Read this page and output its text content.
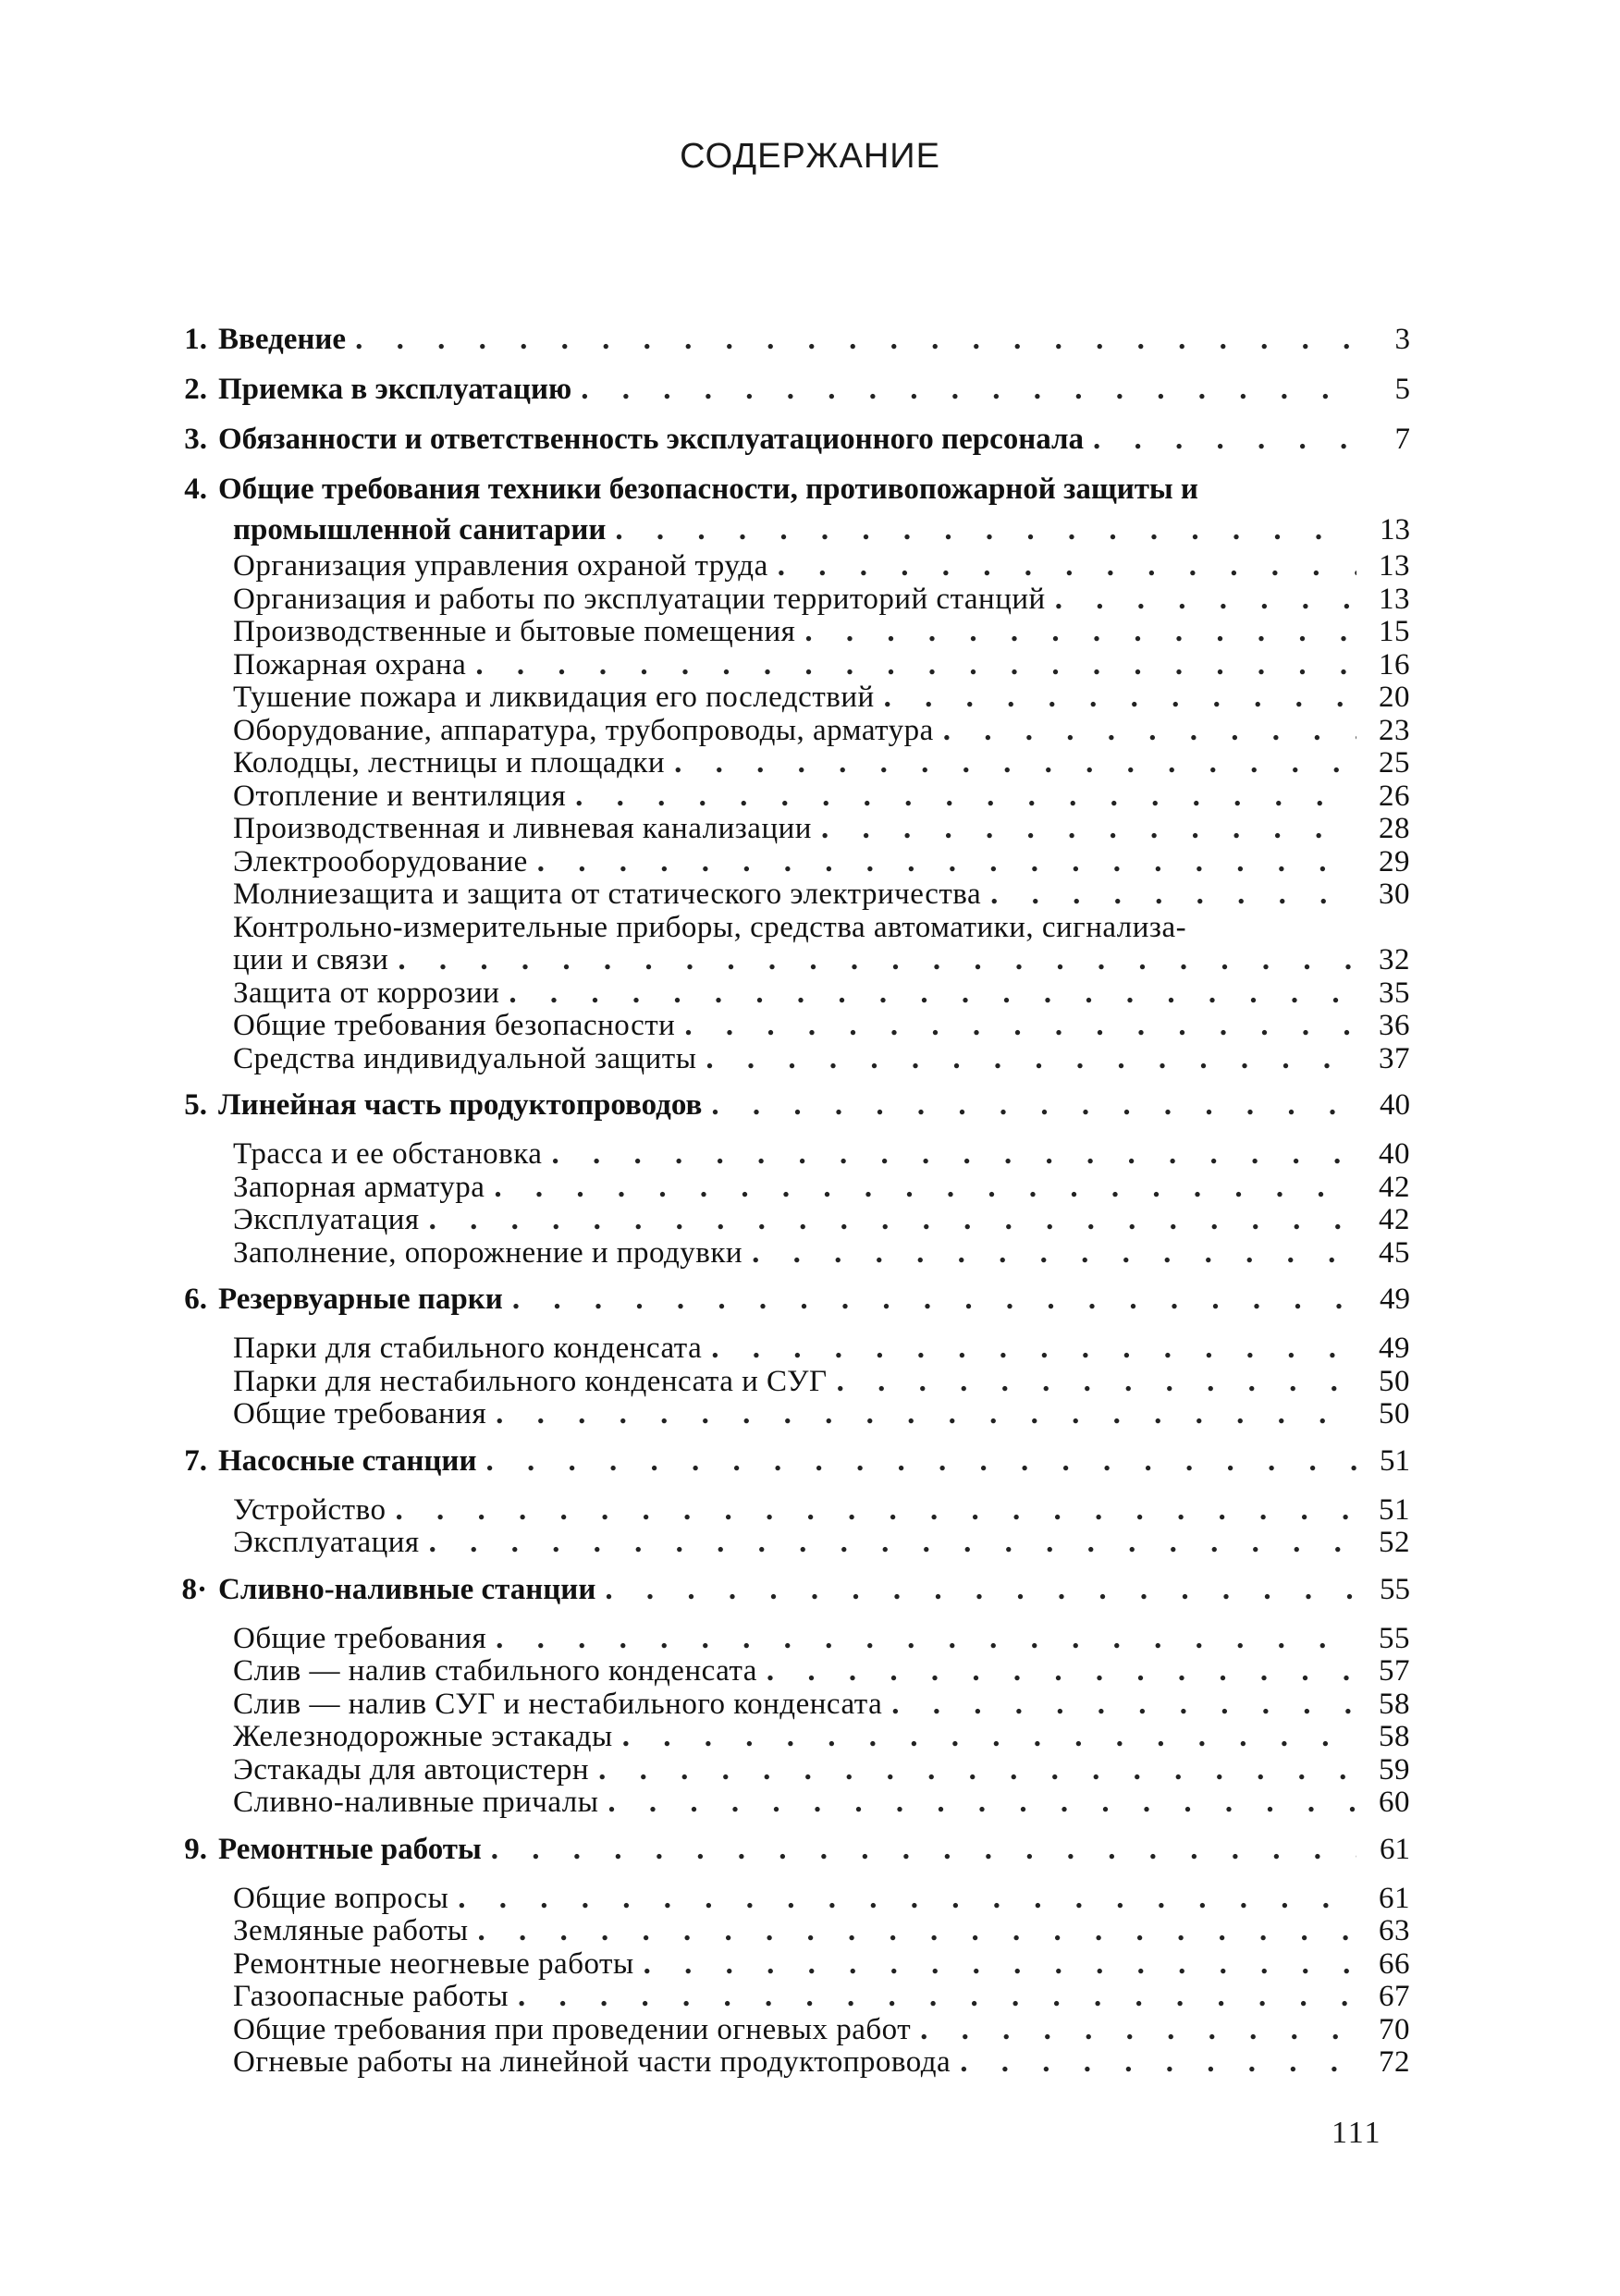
СОДЕРЖАНИЕ
1. Введение . . .	3
2. Приемка в эксплуатацию . . .	5
3. Обязанности и ответственность эксплуатационного персонала . . .	7
4. Общие требования техники безопасности, противопожарной защиты и
промышленной санитарии . . .	13
Организация управления охраной труда . . .	13
Организация и работы по эксплуатации территорий станций . . .	13
Производственные и бытовые помещения . . .	15
Пожарная охрана . . .	16
Тушение пожара и ликвидация его последствий . . .	20
Оборудование, аппаратура, трубопроводы, арматура . . .	23
Колодцы, лестницы и площадки . . .	25
Отопление и вентиляция . . .	26
Производственная и ливневая канализации . . .	28
Электрооборудование . . .	29
Молниезащита и защита от статического электричества . . .	30
Контрольно-измерительные приборы, средства автоматики, сигнализа-
ции и связи . . .	32
Защита от коррозии . . .	35
Общие требования безопасности . . .	36
Средства индивидуальной защиты . . .	37
5. Линейная часть продуктопроводов . . .	40
Трасса и ее обстановка . . .	40
Запорная арматура . . .	42
Эксплуатация . . .	42
Заполнение, опорожнение и продувки . . .	45
6. Резервуарные парки . . .	49
Парки для стабильного конденсата . . .	49
Парки для нестабильного конденсата и СУГ . . .	50
Общие требования . . .	50
7. Насосные станции . . .	51
Устройство . . .	51
Эксплуатация . . .	52
8· Сливно-наливные станции . . .	55
Общие требования . . .	55
Слив — налив стабильного конденсата . . .	57
Слив — налив СУГ и нестабильного конденсата . . .	58
Железнодорожные эстакады . . .	58
Эстакады для автоцистерн . . .	59
Сливно-наливные причалы . . .	60
9. Ремонтные работы . . .	61
Общие вопросы . . .	61
Земляные работы . . .	63
Ремонтные неогневые работы . . .	66
Газоопасные работы . . .	67
Общие требования при проведении огневых работ . . .	70
Огневые работы на линейной части продуктопровода . . .	72
111
